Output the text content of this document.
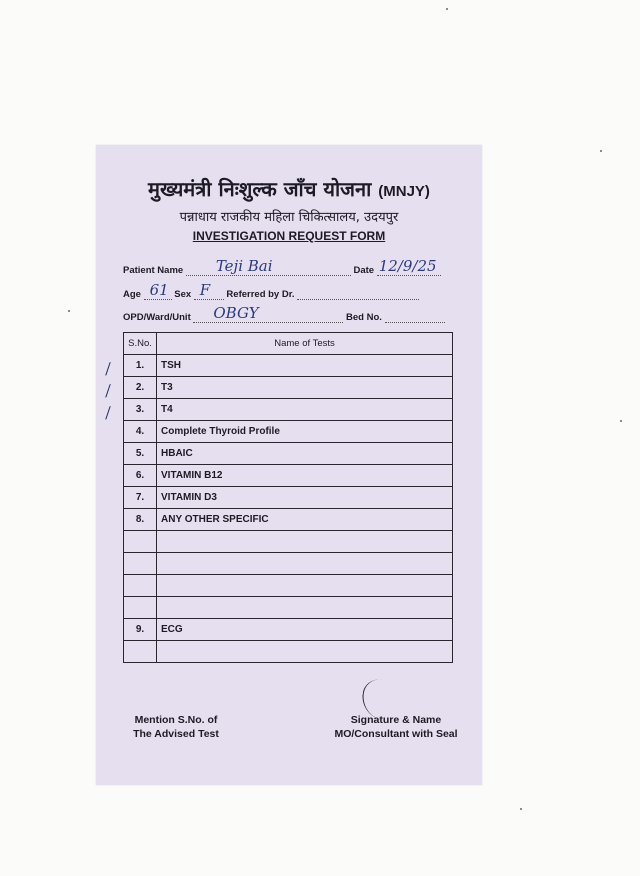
मुख्यमंत्री निःशुल्क जाँच योजना (MNJY)
पन्नाधाय राजकीय महिला चिकित्सालय, उदयपुर
INVESTIGATION REQUEST FORM
Patient Name Teji Bai	Date 12/9/25
Age 61 Sex F Referred by Dr.
OPD/Ward/Unit OBGY	Bed No.
S.No.	Name of Tests
1.	TSH
2.	T3
3.	T4
4.	Complete Thyroid Profile
5.	HBAIC
6.	VITAMIN B12
7.	VITAMIN D3
8.	ANY OTHER SPECIFIC

9.	ECG

Mention S.No. of
The Advised Test
Signature & Name
MO/Consultant with Seal
